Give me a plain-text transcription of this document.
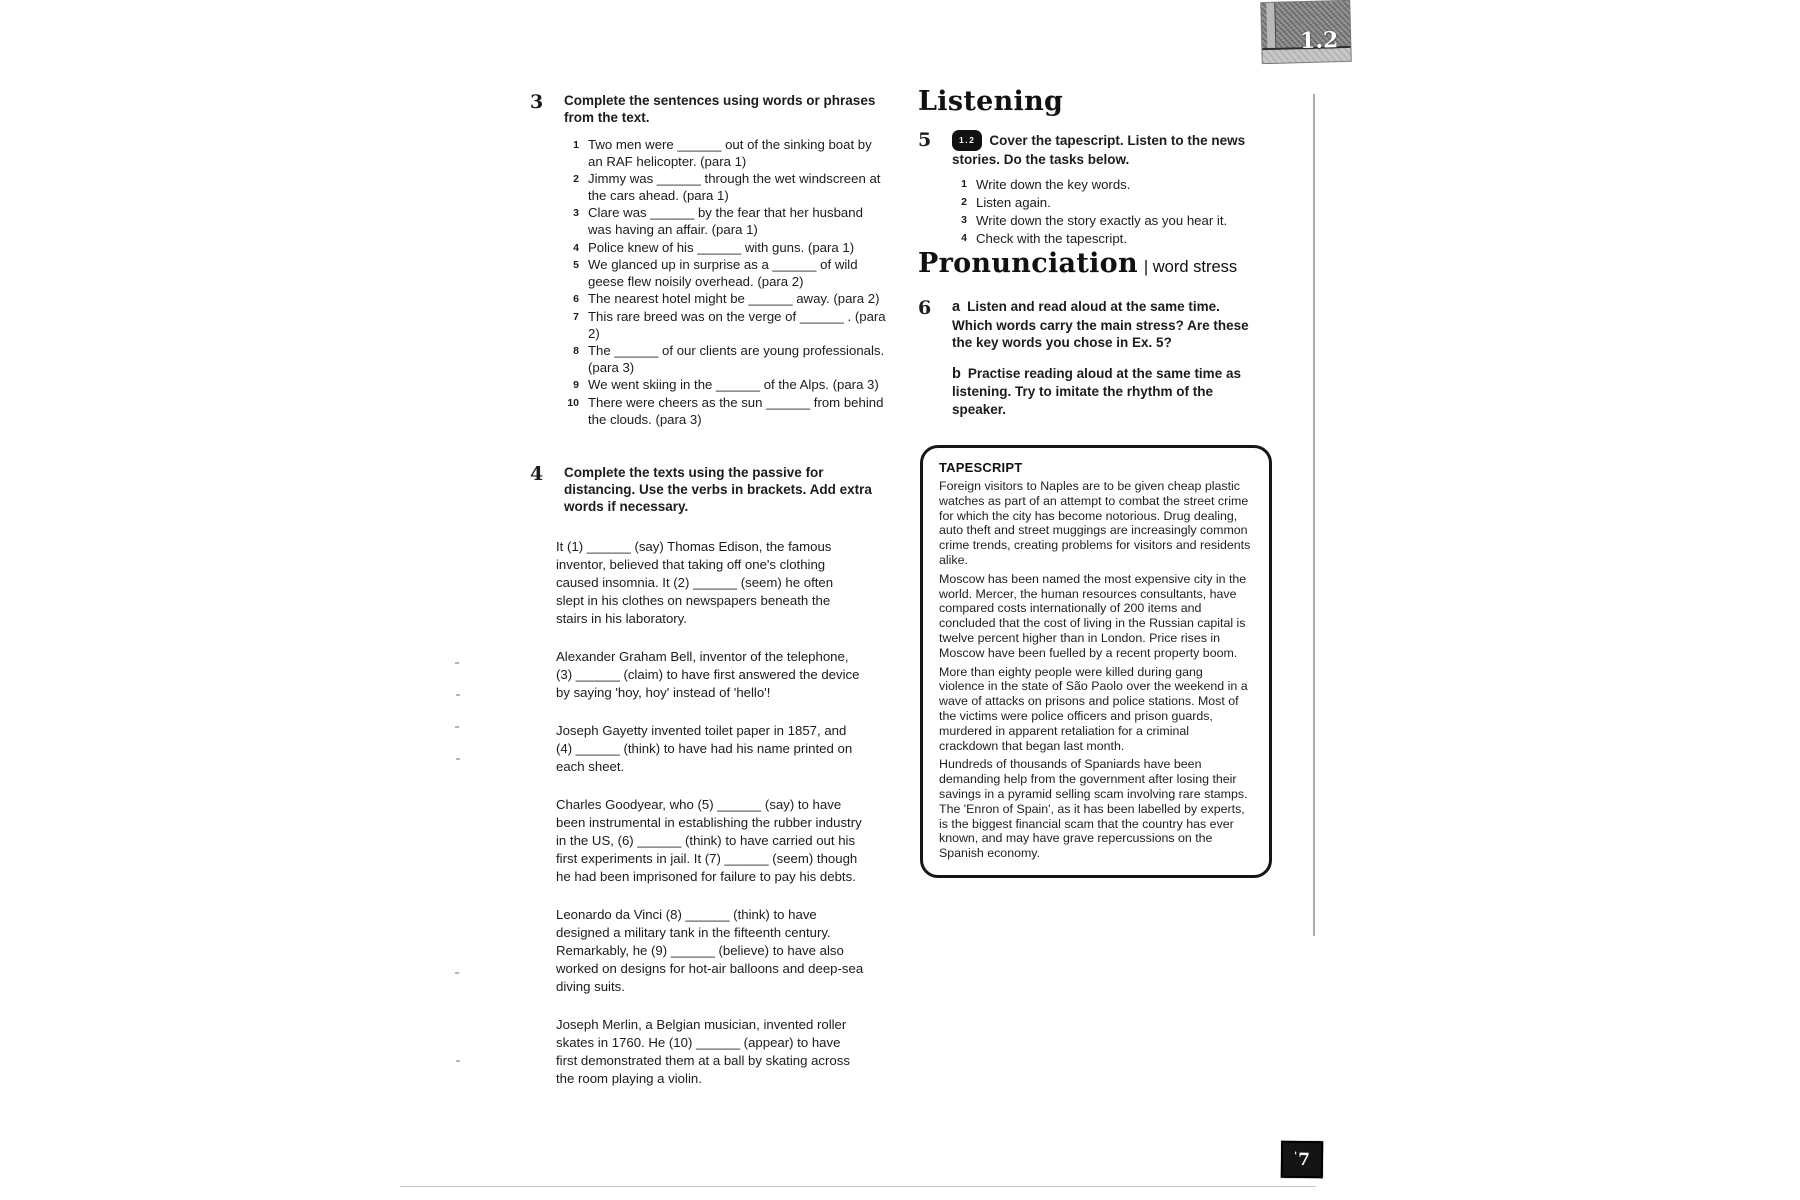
1.2
3	Complete the sentences using words or phrases from the text.
1 Two men were ______ out of the sinking boat by an RAF helicopter. (para 1)
2 Jimmy was ______ through the wet windscreen at the cars ahead. (para 1)
3 Clare was ______ by the fear that her husband was having an affair. (para 1)
4 Police knew of his ______ with guns. (para 1)
5 We glanced up in surprise as a ______ of wild geese flew noisily overhead. (para 2)
6 The nearest hotel might be ______ away. (para 2)
7 This rare breed was on the verge of ______ . (para 2)
8 The ______ of our clients are young professionals. (para 3)
9 We went skiing in the ______ of the Alps. (para 3)
10 There were cheers as the sun ______ from behind the clouds. (para 3)
4	Complete the texts using the passive for distancing. Use the verbs in brackets. Add extra words if necessary.

It (1) ______ (say) Thomas Edison, the famous inventor, believed that taking off one's clothing caused insomnia. It (2) ______ (seem) he often slept in his clothes on newspapers beneath the stairs in his laboratory.

Alexander Graham Bell, inventor of the telephone, (3) ______ (claim) to have first answered the device by saying 'hoy, hoy' instead of 'hello'!

Joseph Gayetty invented toilet paper in 1857, and (4) ______ (think) to have had his name printed on each sheet.

Charles Goodyear, who (5) ______ (say) to have been instrumental in establishing the rubber industry in the US, (6) ______ (think) to have carried out his first experiments in jail. It (7) ______ (seem) though he had been imprisoned for failure to pay his debts.

Leonardo da Vinci (8) ______ (think) to have designed a military tank in the fifteenth century. Remarkably, he (9) ______ (believe) to have also worked on designs for hot-air balloons and deep-sea diving suits.

Joseph Merlin, a Belgian musician, invented roller skates in 1760. He (10) ______ (appear) to have first demonstrated them at a ball by skating across the room playing a violin.

Listening
5	1.2 Cover the tapescript. Listen to the news stories. Do the tasks below.

1 Write down the key words.
2 Listen again.
3 Write down the story exactly as you hear it.
4 Check with the tapescript.
Pronunciation | word stress
6	a Listen and read aloud at the same time. Which words carry the main stress? Are these the key words you chose in Ex. 5?

b Practise reading aloud at the same time as listening. Try to imitate the rhythm of the speaker.

TAPESCRIPT

Foreign visitors to Naples are to be given cheap plastic watches as part of an attempt to combat the street crime for which the city has become notorious. Drug dealing, auto theft and street muggings are increasingly common crime trends, creating problems for visitors and residents alike.

Moscow has been named the most expensive city in the world. Mercer, the human resources consultants, have compared costs internationally of 200 items and concluded that the cost of living in the Russian capital is twelve percent higher than in London. Price rises in Moscow have been fuelled by a recent property boom.

More than eighty people were killed during gang violence in the state of São Paolo over the weekend in a wave of attacks on prisons and police stations. Most of the victims were police officers and prison guards, murdered in apparent retaliation for a criminal crackdown that began last month.

Hundreds of thousands of Spaniards have been demanding help from the government after losing their savings in a pyramid selling scam involving rare stamps. The 'Enron of Spain', as it has been labelled by experts, is the biggest financial scam that the country has ever known, and may have grave repercussions on the Spanish economy.

' 7
